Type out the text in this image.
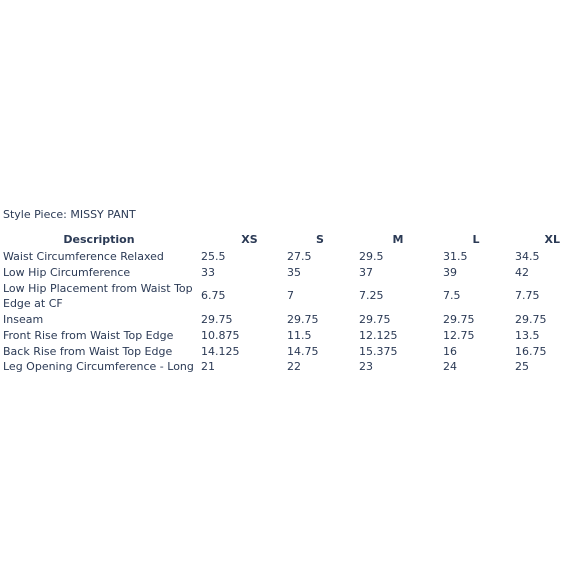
Style Piece: MISSY PANT
Description	XS	S	M	L	XL
Waist Circumference Relaxed	25.5	27.5	29.5	31.5	34.5
Low Hip Circumference	33	35	37	39	42
Low Hip Placement from Waist Top Edge at CF	6.75	7	7.25	7.5	7.75
Inseam	29.75	29.75	29.75	29.75	29.75
Front Rise from Waist Top Edge	10.875	11.5	12.125	12.75	13.5
Back Rise from Waist Top Edge	14.125	14.75	15.375	16	16.75
Leg Opening Circumference - Long	21	22	23	24	25
